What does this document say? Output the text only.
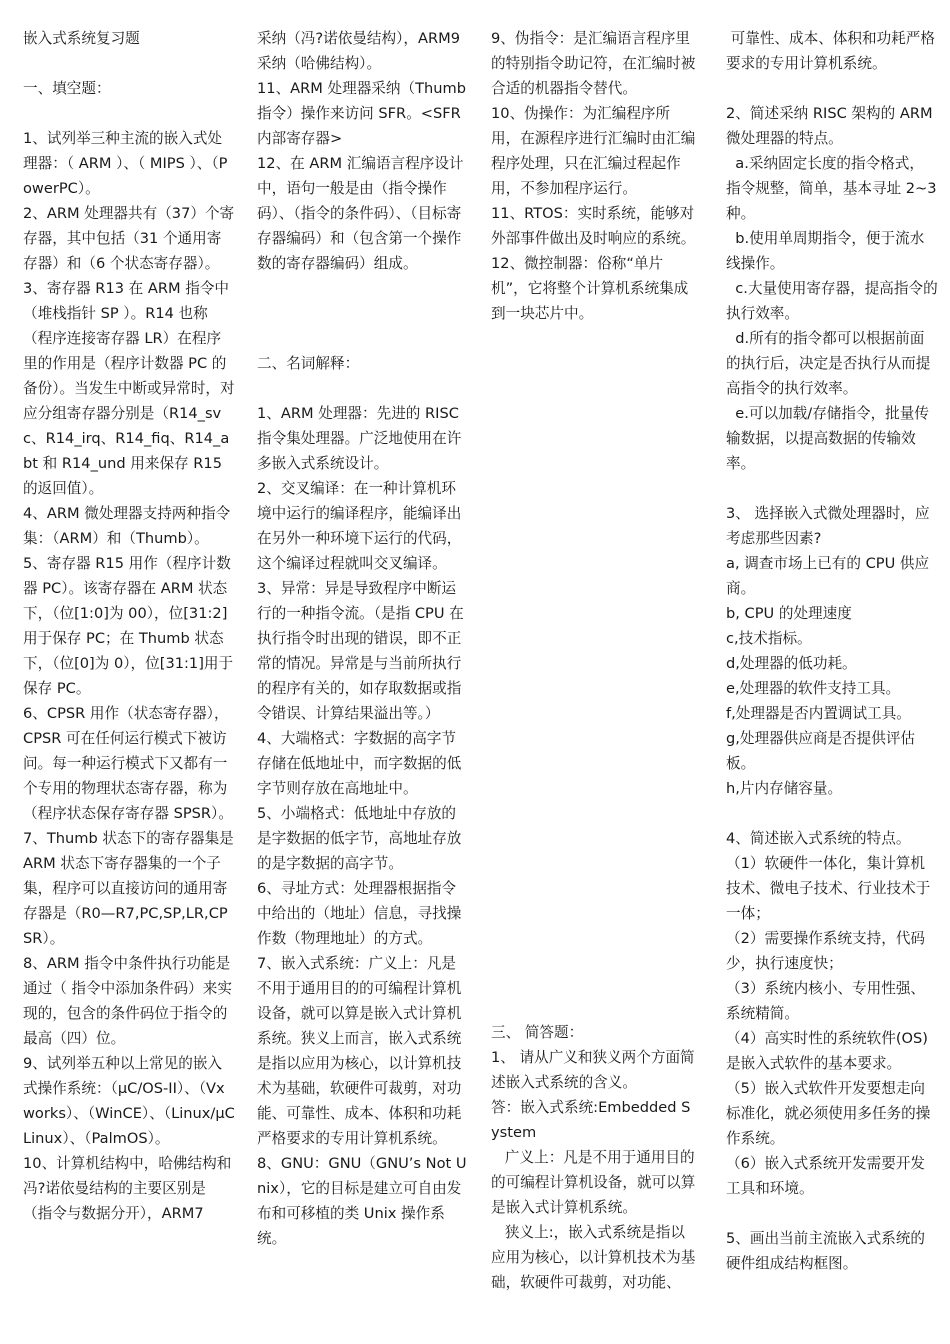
嵌入式系统复习题

一、填空题：

1、试列举三种主流的嵌入式处理器：（ ARM ）、（ MIPS ）、（PowerPC）。

2、ARM 处理器共有（37）个寄存器，其中包括（31 个通用寄存器）和（6 个状态寄存器）。

3、寄存器 R13 在 ARM 指令中（堆栈指针 SP ）。R14 也称（程序连接寄存器 LR）在程序里的作用是（程序计数器 PC 的备份）。当发生中断或异常时，对应分组寄存器分别是（R14_svc、R14_irq、R14_fiq、R14_abt 和 R14_und 用来保存 R15 的返回值）。

4、ARM 微处理器支持两种指令集：（ARM）和（Thumb）。

5、寄存器 R15 用作（程序计数器 PC）。该寄存器在 ARM 状态下，（位[1:0]为 00），位[31:2]用于保存 PC；在 Thumb 状态下，（位[0]为 0），位[31:1]用于保存 PC。

6、CPSR 用作（状态寄存器），CPSR 可在任何运行模式下被访问。每一种运行模式下又都有一个专用的物理状态寄存器，称为（程序状态保存寄存器 SPSR）。

7、Thumb 状态下的寄存器集是 ARM 状态下寄存器集的一个子集，程序可以直接访问的通用寄存器是（R0—R7,PC,SP,LR,CPSR）。

8、ARM 指令中条件执行功能是通过（ 指令中添加条件码）来实现的，包含的条件码位于指令的最高（四）位。

9、试列举五种以上常见的嵌入式操作系统：（μC/OS-II）、（Vxworks）、（WinCE）、（Linux/μCLinux）、（PalmOS）。

10、计算机结构中，哈佛结构和冯?诺依曼结构的主要区别是（指令与数据分开），ARM7

采纳（冯?诺依曼结构），ARM9 采纳（哈佛结构）。

11、ARM 处理器采纳（Thumb 指令）操作来访问 SFR。<SFR 内部寄存器>

12、在 ARM 汇编语言程序设计中，语句一般是由（指令操作码）、（指令的条件码）、（目标寄存器编码）和（包含第一个操作数的寄存器编码）组成。

二、名词解释：

1、ARM 处理器：先进的 RISC 指令集处理器。广泛地使用在许多嵌入式系统设计。

2、交叉编译：在一种计算机环境中运行的编译程序，能编译出在另外一种环境下运行的代码，这个编译过程就叫交叉编译。

3、异常：异是导致程序中断运行的一种指令流。（是指 CPU 在执行指令时出现的错误，即不正常的情况。异常是与当前所执行的程序有关的，如存取数据或指令错误、计算结果溢出等。）

4、大端格式：字数据的高字节存储在低地址中，而字数据的低字节则存放在高地址中。

5、小端格式：低地址中存放的是字数据的低字节，高地址存放的是字数据的高字节。

6、寻址方式：处理器根据指令中给出的（地址）信息，寻找操作数（物理地址）的方式。

7、嵌入式系统：广义上：凡是不用于通用目的的可编程计算机设备，就可以算是嵌入式计算机系统。狭义上而言，嵌入式系统是指以应用为核心，以计算机技术为基础，软硬件可裁剪，对功能、可靠性、成本、体积和功耗严格要求的专用计算机系统。

8、GNU：GNU（GNU’s Not Unix），它的目标是建立可自由发布和可移植的类 Unix 操作系统。

9、伪指令：是汇编语言程序里的特别指令助记符，在汇编时被合适的机器指令替代。

10、伪操作：为汇编程序所用，在源程序进行汇编时由汇编程序处理，只在汇编过程起作用，不参加程序运行。

11、RTOS：实时系统，能够对外部事件做出及时响应的系统。

12、微控制器：俗称“单片机”，它将整个计算机系统集成到一块芯片中。

三、 简答题：

1、 请从广义和狭义两个方面简述嵌入式系统的含义。

答：嵌入式系统:Embedded System

广义上：凡是不用于通用目的的可编程计算机设备，就可以算是嵌入式计算机系统。

狭义上:，嵌入式系统是指以应用为核心，以计算机技术为基础，软硬件可裁剪，对功能、

可靠性、成本、体积和功耗严格要求的专用计算机系统。

2、简述采纳 RISC 架构的 ARM 微处理器的特点。

a.采纳固定长度的指令格式，指令规整，简单，基本寻址 2~3 种。

b.使用单周期指令，便于流水线操作。

c.大量使用寄存器，提高指令的执行效率。

d.所有的指令都可以根据前面的执行后，决定是否执行从而提高指令的执行效率。

e.可以加载/存储指令，批量传输数据，以提高数据的传输效率。

3、 选择嵌入式微处理器时，应考虑那些因素?

a, 调查市场上已有的 CPU 供应商。

b, CPU 的处理速度

c,技术指标。

d,处理器的低功耗。

e,处理器的软件支持工具。

f,处理器是否内置调试工具。

g,处理器供应商是否提供评估板。

h,片内存储容量。

4、简述嵌入式系统的特点。

（1）软硬件一体化，集计算机技术、微电子技术、行业技术于一体；

（2）需要操作系统支持，代码少，执行速度快；

（3）系统内核小、专用性强、系统精简。

（4）高实时性的系统软件(OS)是嵌入式软件的基本要求。

（5）嵌入式软件开发要想走向标准化，就必须使用多任务的操作系统。

（6）嵌入式系统开发需要开发工具和环境。

5、画出当前主流嵌入式系统的硬件组成结构框图。
